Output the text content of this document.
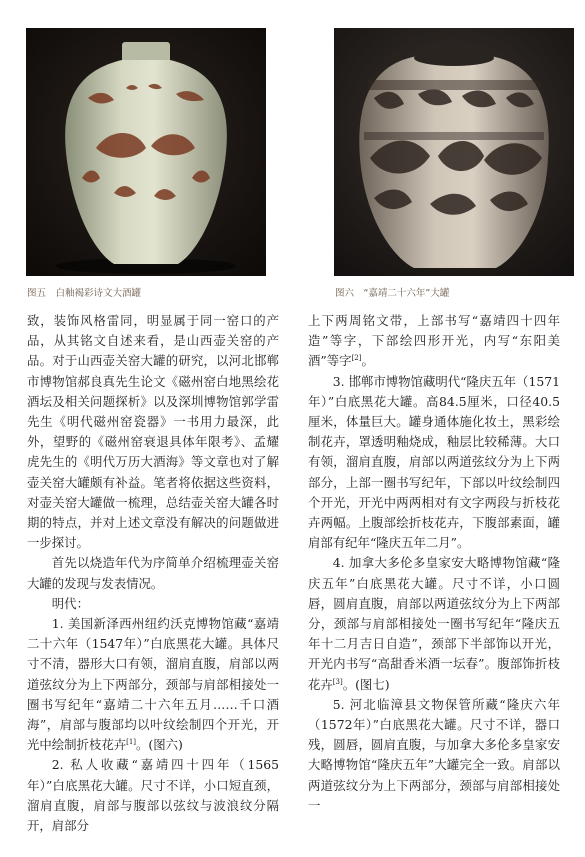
图五　白釉褐彩诗文大酒罐	图六　“嘉靖二十六年”大罐

致，装饰风格雷同，明显属于同一窑口的产品，从其铭文自述来看，是山西壶关窑的产品。对于山西壶关窑大罐的研究，以河北邯郸市博物馆郝良真先生论文《磁州窑白地黑绘花酒坛及相关问题探析》以及深圳博物馆郭学雷先生《明代磁州窑瓷器》一书用力最深，此外，望野的《磁州窑衰退具体年限考》、孟耀虎先生的《明代万历大酒海》等文章也对了解壶关窑大罐颇有补益。笔者将依据这些资料，对壶关窑大罐做一梳理，总结壶关窑大罐各时期的特点，并对上述文章没有解决的问题做进一步探讨。

首先以烧造年代为序简单介绍梳理壶关窑大罐的发现与发表情况。

明代：

1. 美国新泽西州纽约沃克博物馆藏“嘉靖二十六年（1547年）”白底黑花大罐。具体尺寸不清，器形大口有领，溜肩直腹，肩部以两道弦纹分为上下两部分，颈部与肩部相接处一圈书写纪年“嘉靖二十六年五月……千口酒海”，肩部与腹部均以叶纹绘制四个开光，开光中绘制折枝花卉[1]。(图六)

2. 私人收藏“嘉靖四十四年（1565年）”白底黑花大罐。尺寸不详，小口短直颈，溜肩直腹，肩部与腹部以弦纹与波浪纹分隔开，肩部分

上下两周铭文带，上部书写“嘉靖四十四年造”等字，下部绘四形开光，内写“东阳美酒”等字[2]。

3. 邯郸市博物馆藏明代“隆庆五年（1571年）”白底黑花大罐。高84.5厘米，口径40.5厘米，体量巨大。罐身通体施化妆土，黑彩绘制花卉，罩透明釉烧成，釉层比较稀薄。大口有领，溜肩直腹，肩部以两道弦纹分为上下两部分，上部一圈书写纪年，下部以叶纹绘制四个开光，开光中两两相对有文字两段与折枝花卉两幅。上腹部绘折枝花卉，下腹部素面，罐肩部有纪年“隆庆五年二月”。

4. 加拿大多伦多皇家安大略博物馆藏“隆庆五年”白底黑花大罐。尺寸不详，小口圆唇，圆肩直腹，肩部以两道弦纹分为上下两部分，颈部与肩部相接处一圈书写纪年“隆庆五年十二月吉日自造”，颈部下半部饰以开光，开光内书写“高甜香米酒一坛春”。腹部饰折枝花卉[3]。(图七)

5. 河北临漳县文物保管所藏“隆庆六年（1572年）”白底黑花大罐。尺寸不详，器口残，圆唇，圆肩直腹，与加拿大多伦多皇家安大略博物馆“隆庆五年”大罐完全一致。肩部以两道弦纹分为上下两部分，颈部与肩部相接处一
